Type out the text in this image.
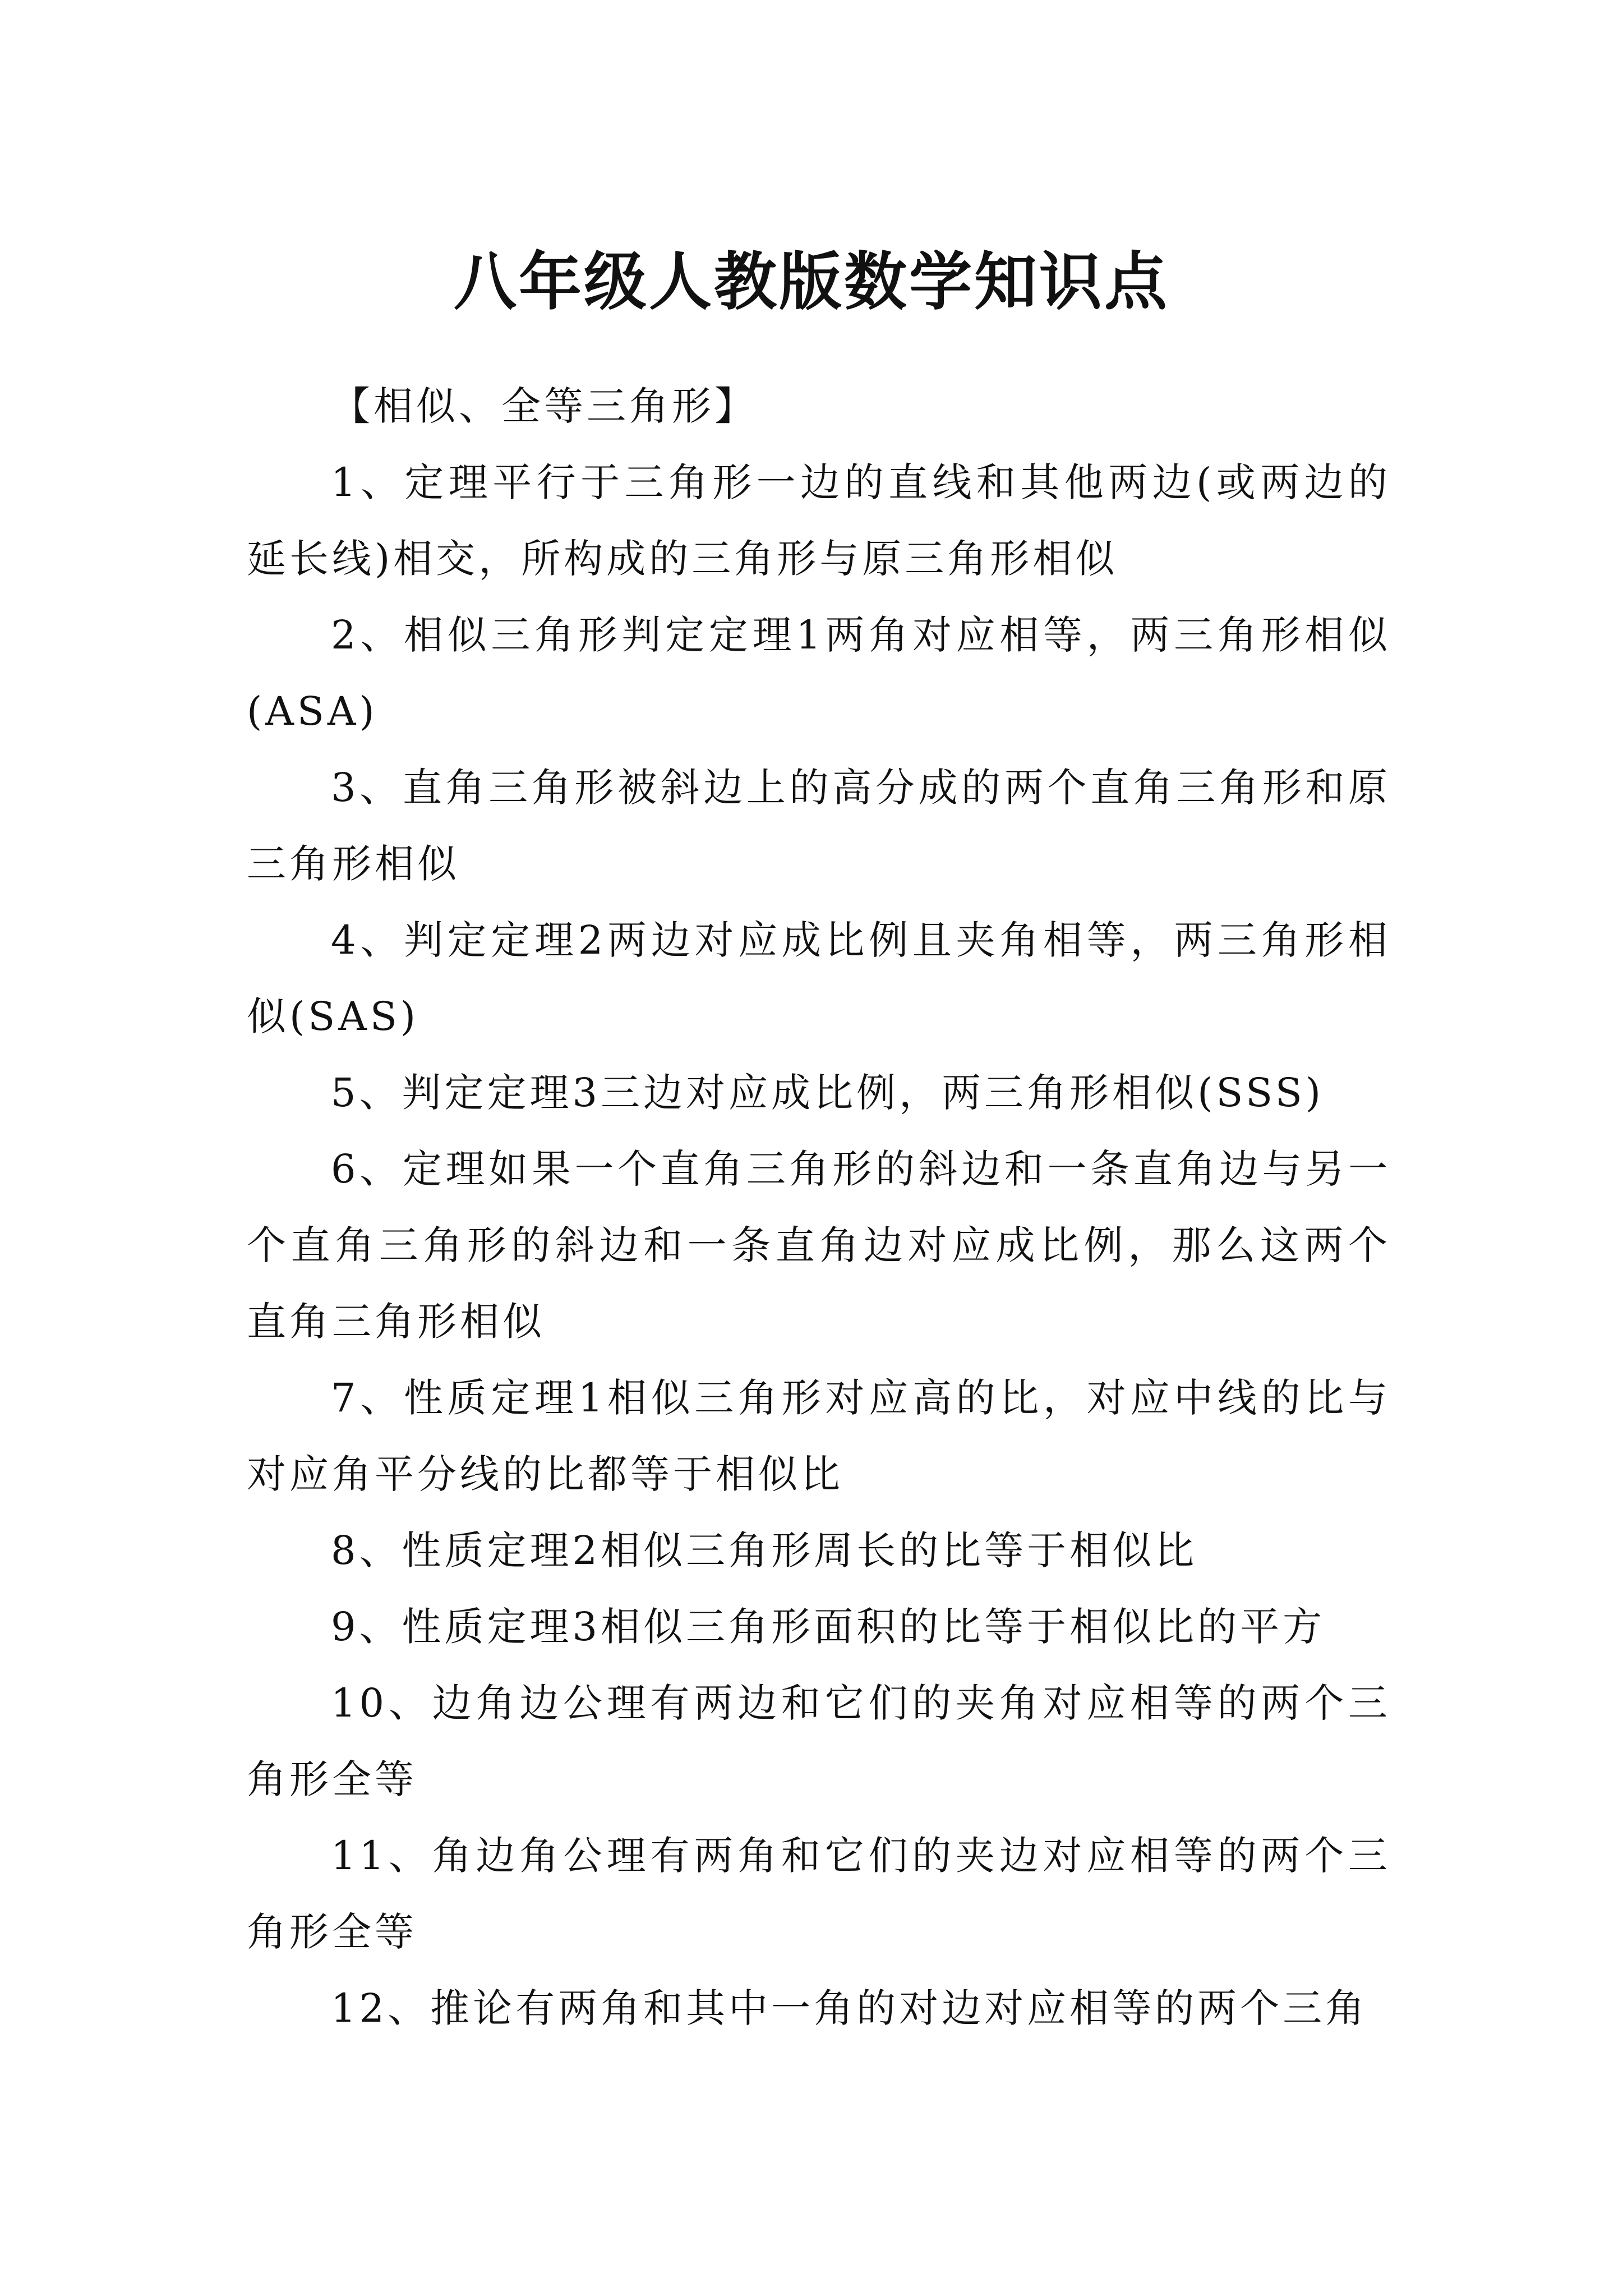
八年级人教版数学知识点

【相似、全等三角形】

1、定理平行于三角形一边的直线和其他两边(或两边的延长线)相交，所构成的三角形与原三角形相似

2、相似三角形判定定理1两角对应相等，两三角形相似(ASA)

3、直角三角形被斜边上的高分成的两个直角三角形和原三角形相似

4、判定定理2两边对应成比例且夹角相等，两三角形相似(SAS)

5、判定定理3三边对应成比例，两三角形相似(SSS)

6、定理如果一个直角三角形的斜边和一条直角边与另一个直角三角形的斜边和一条直角边对应成比例，那么这两个直角三角形相似

7、性质定理1相似三角形对应高的比，对应中线的比与对应角平分线的比都等于相似比

8、性质定理2相似三角形周长的比等于相似比

9、性质定理3相似三角形面积的比等于相似比的平方

10、边角边公理有两边和它们的夹角对应相等的两个三角形全等

11、角边角公理有两角和它们的夹边对应相等的两个三角形全等

12、推论有两角和其中一角的对边对应相等的两个三角
